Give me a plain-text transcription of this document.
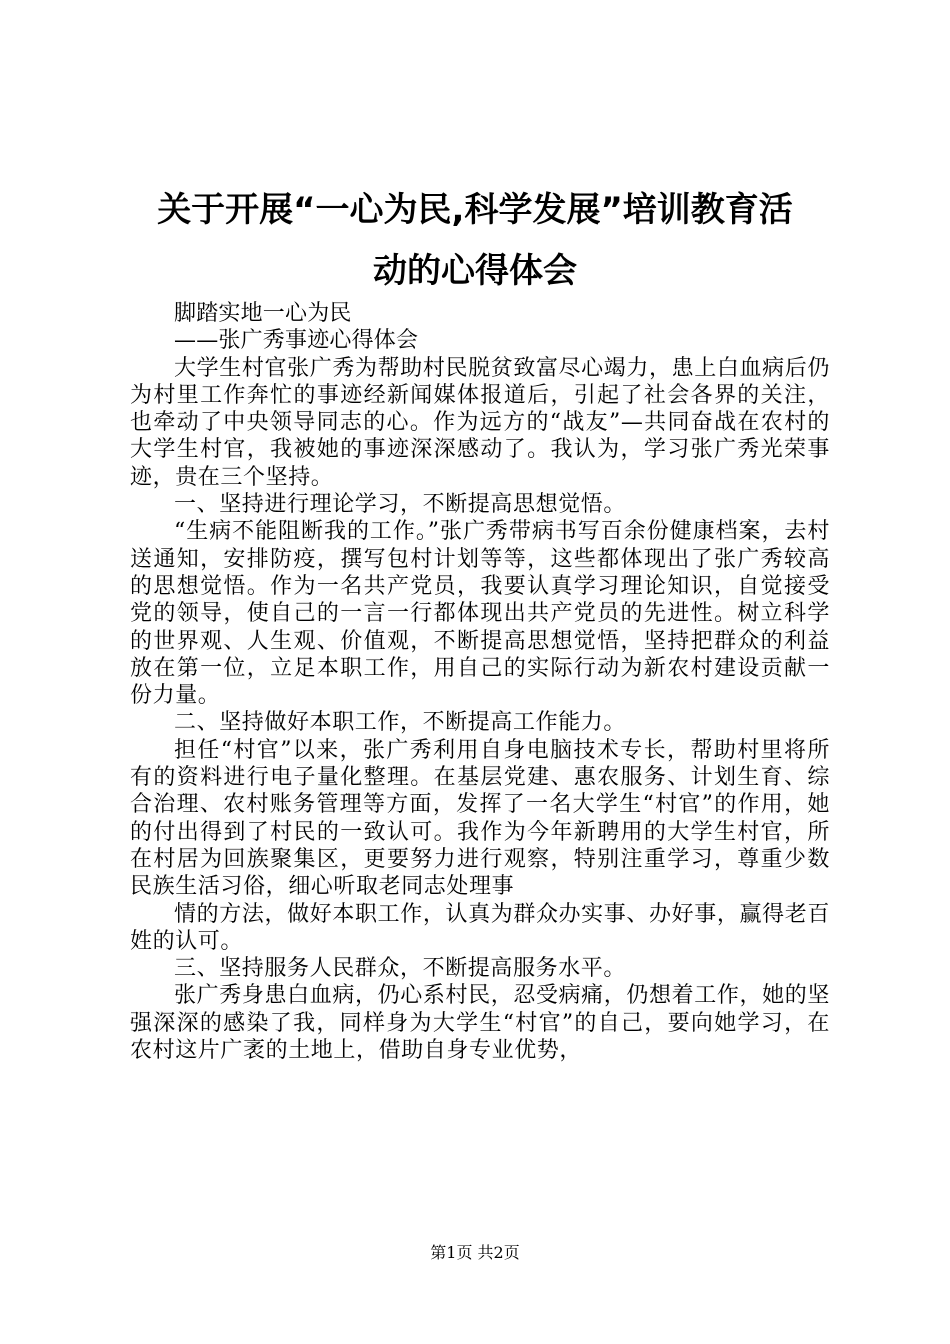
关于开展“一心为民,科学发展”培训教育活
动的心得体会

脚踏实地一心为民

——张广秀事迹心得体会

大学生村官张广秀为帮助村民脱贫致富尽心竭力，患上白血病后仍为村里工作奔忙的事迹经新闻媒体报道后，引起了社会各界的关注，也牵动了中央领导同志的心。作为远方的“战友”—共同奋战在农村的大学生村官，我被她的事迹深深感动了。我认为，学习张广秀光荣事迹，贵在三个坚持。

一、坚持进行理论学习，不断提高思想觉悟。

“生病不能阻断我的工作。”张广秀带病书写百余份健康档案，去村送通知，安排防疫，撰写包村计划等等，这些都体现出了张广秀较高的思想觉悟。作为一名共产党员，我要认真学习理论知识，自觉接受党的领导，使自己的一言一行都体现出共产党员的先进性。树立科学的世界观、人生观、价值观，不断提高思想觉悟，坚持把群众的利益放在第一位，立足本职工作，用自己的实际行动为新农村建设贡献一份力量。

二、坚持做好本职工作，不断提高工作能力。

担任“村官”以来，张广秀利用自身电脑技术专长，帮助村里将所有的资料进行电子量化整理。在基层党建、惠农服务、计划生育、综合治理、农村账务管理等方面，发挥了一名大学生“村官”的作用，她的付出得到了村民的一致认可。我作为今年新聘用的大学生村官，所在村居为回族聚集区，更要努力进行观察，特别注重学习，尊重少数民族生活习俗，细心听取老同志处理事

情的方法，做好本职工作，认真为群众办实事、办好事，赢得老百姓的认可。

三、坚持服务人民群众，不断提高服务水平。

张广秀身患白血病，仍心系村民，忍受病痛，仍想着工作，她的坚强深深的感染了我，同样身为大学生“村官”的自己，要向她学习，在农村这片广袤的土地上，借助自身专业优势，

第1页 共2页
